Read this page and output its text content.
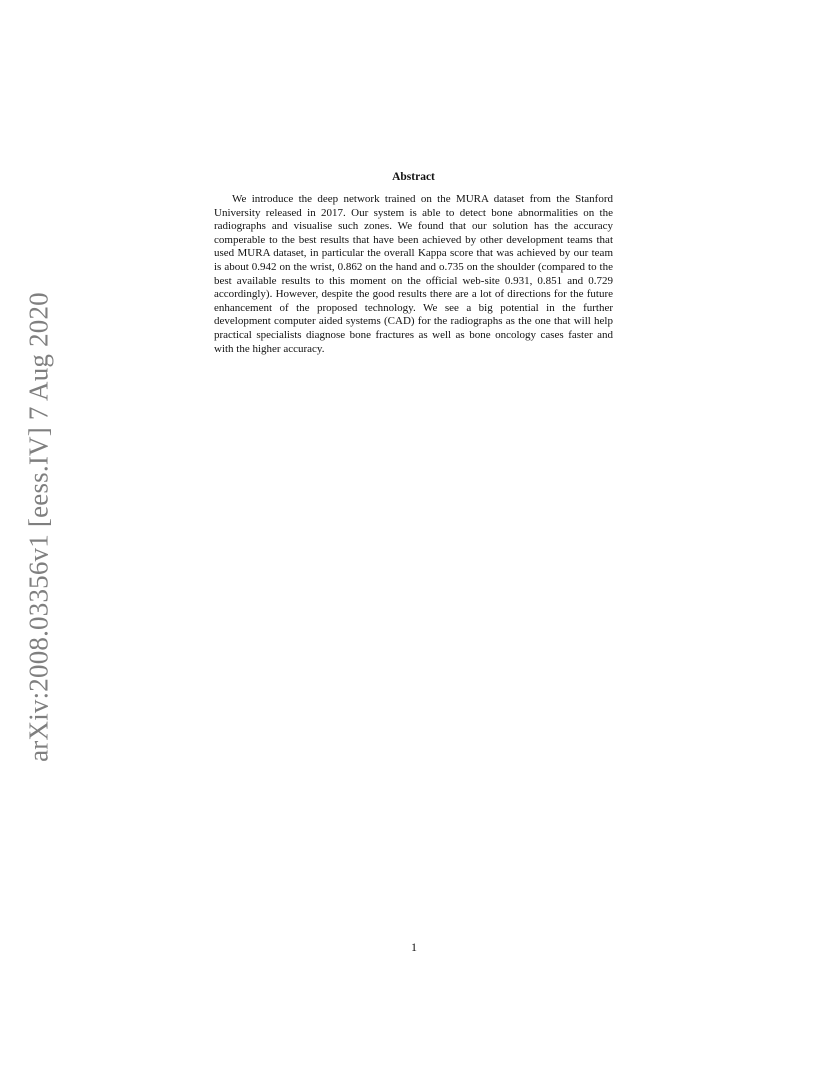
arXiv:2008.03356v1 [eess.IV] 7 Aug 2020
Abstract

We introduce the deep network trained on the MURA dataset from the Stanford University released in 2017. Our system is able to detect bone abnormalities on the radiographs and visualise such zones. We found that our solution has the accuracy comperable to the best results that have been achieved by other development teams that used MURA dataset, in particular the overall Kappa score that was achieved by our team is about 0.942 on the wrist, 0.862 on the hand and o.735 on the shoulder (compared to the best available results to this moment on the official web-site 0.931, 0.851 and 0.729 accordingly). However, despite the good results there are a lot of directions for the future enhancement of the proposed technology. We see a big potential in the further development computer aided systems (CAD) for the radiographs as the one that will help practical specialists diagnose bone fractures as well as bone oncology cases faster and with the higher accuracy.

1
